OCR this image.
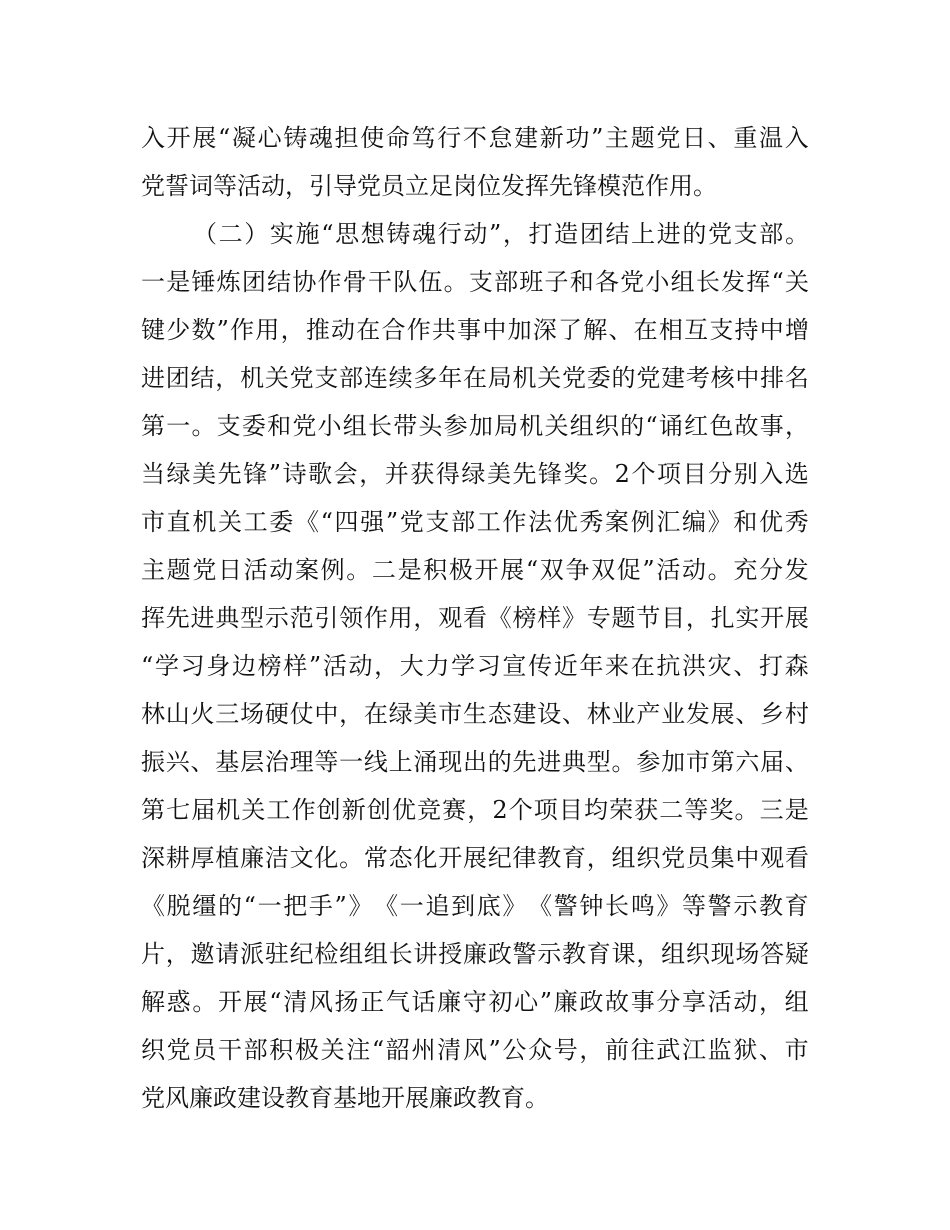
入 开 展 “ 凝 心 铸 魂 担 使 命 笃 行 不 怠 建 新 功 ” 主 题 党 日 、 重 温 入
党誓词等活动，引导党员立足岗位发挥先锋模范作用。
（ 二 ） 实 施 “ 思 想 铸 魂 行 动 ” ， 打 造 团 结 上 进 的 党 支 部 。
一 是 锤 炼 团 结 协 作 骨 干 队 伍 。 支 部 班 子 和 各 党 小 组 长 发 挥 “ 关
键 少 数 ” 作 用 ， 推 动 在 合 作 共 事 中 加 深 了 解 、 在 相 互 支 持 中 增
进 团 结 ， 机 关 党 支 部 连 续 多 年 在 局 机 关 党 委 的 党 建 考 核 中 排 名
第 一 。 支 委 和 党 小 组 长 带 头 参 加 局 机 关 组 织 的 “ 诵 红 色 故 事 ，
当 绿 美 先 锋 ” 诗 歌 会 ， 并 获 得 绿 美 先 锋 奖 。 2 个 项 目 分 别 入 选
市 直 机 关 工 委 《 “ 四 强 ” 党 支 部 工 作 法 优 秀 案 例 汇 编 》 和 优 秀
主 题 党 日 活 动 案 例 。 二 是 积 极 开 展 “ 双 争 双 促 ” 活 动 。 充 分 发
挥 先 进 典 型 示 范 引 领 作 用 ， 观 看 《 榜 样 》 专 题 节 目 ， 扎 实 开 展
“ 学 习 身 边 榜 样 ” 活 动 ， 大 力 学 习 宣 传 近 年 来 在 抗 洪 灾 、 打 森
林 山 火 三 场 硬 仗 中 ， 在 绿 美 市 生 态 建 设 、 林 业 产 业 发 展 、 乡 村
振 兴 、 基 层 治 理 等 一 线 上 涌 现 出 的 先 进 典 型 。 参 加 市 第 六 届 、
第 七 届 机 关 工 作 创 新 创 优 竞 赛 ， 2 个 项 目 均 荣 获 二 等 奖 。 三 是
深 耕 厚 植 廉 洁 文 化 。 常 态 化 开 展 纪 律 教 育 ， 组 织 党 员 集 中 观 看
《 脱 缰 的 “ 一 把 手 ” 》 《 一 追 到 底 》 《 警 钟 长 鸣 》 等 警 示 教 育
片 ， 邀 请 派 驻 纪 检 组 组 长 讲 授 廉 政 警 示 教 育 课 ， 组 织 现 场 答 疑
解 惑 。 开 展 “ 清 风 扬 正 气 话 廉 守 初 心 ” 廉 政 故 事 分 享 活 动 ， 组
织 党 员 干 部 积 极 关 注 “ 韶 州 清 风 ” 公 众 号 ， 前 往 武 江 监 狱 、 市
党风廉政建设教育基地开展廉政教育。
